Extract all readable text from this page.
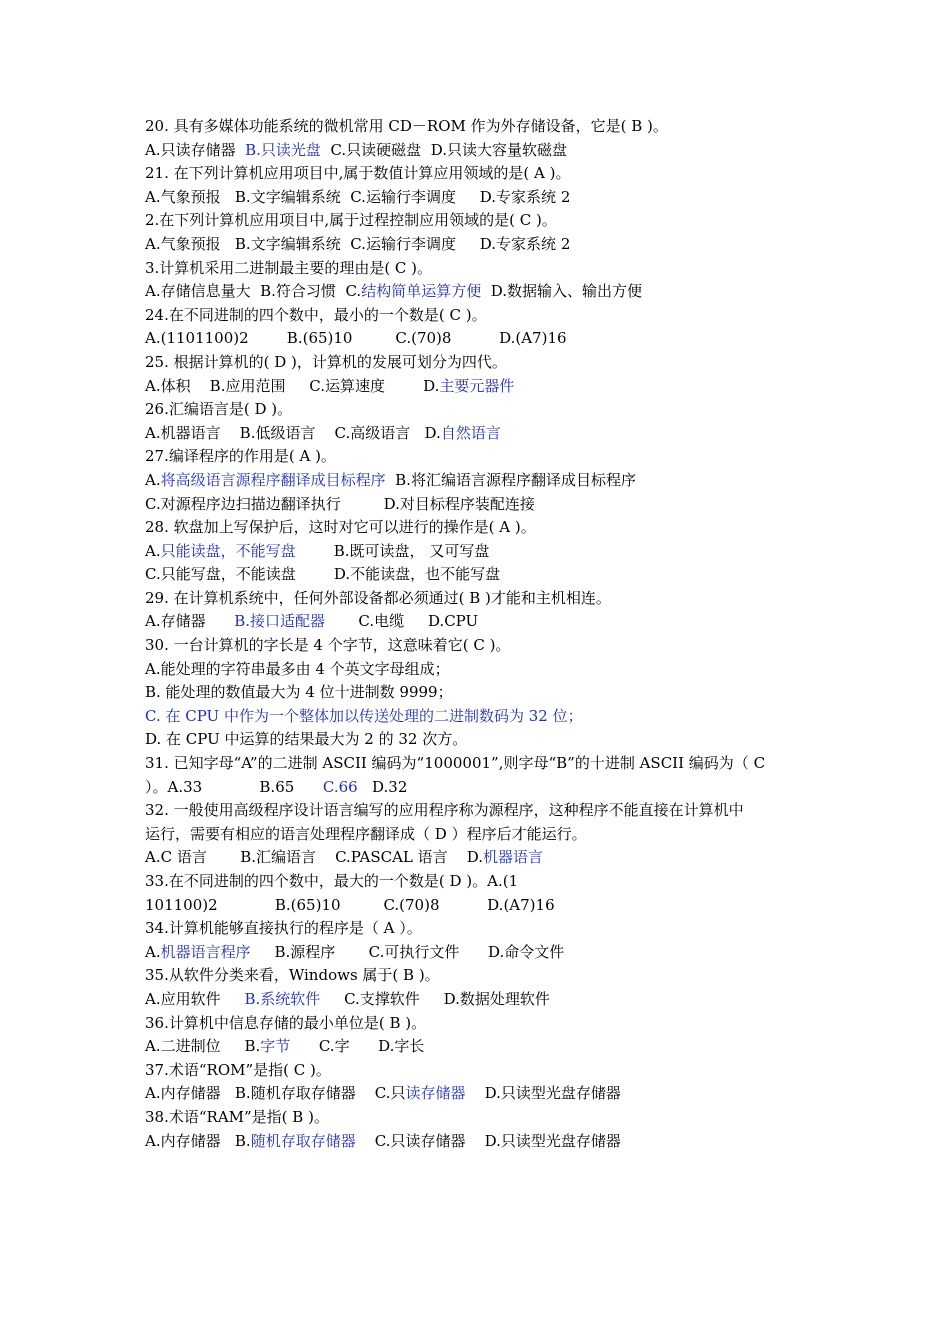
20. 具有多媒体功能系统的微机常用 CD－ROM 作为外存储设备，它是( B )。
A.只读存储器  B.只读光盘  C.只读硬磁盘  D.只读大容量软磁盘
21. 在下列计算机应用项目中,属于数值计算应用领域的是( A )。
A.气象预报   B.文字编辑系统  C.运输行李调度     D.专家系统 2
2.在下列计算机应用项目中,属于过程控制应用领域的是( C )。
A.气象预报   B.文字编辑系统  C.运输行李调度     D.专家系统 2
3.计算机采用二进制最主要的理由是( C )。
A.存储信息量大  B.符合习惯  C.结构简单运算方便  D.数据输入、输出方便
24.在不同进制的四个数中，最小的一个数是( C )。
A.(1101100)2        B.(65)10         C.(70)8          D.(A7)16
25. 根据计算机的( D )，计算机的发展可划分为四代。
A.体积    B.应用范围     C.运算速度        D.主要元器件
26.汇编语言是( D )。
A.机器语言    B.低级语言    C.高级语言   D.自然语言
27.编译程序的作用是( A )。
A.将高级语言源程序翻译成目标程序  B.将汇编语言源程序翻译成目标程序
C.对源程序边扫描边翻译执行         D.对目标程序装配连接
28. 软盘加上写保护后，这时对它可以进行的操作是( A )。
A.只能读盘，不能写盘        B.既可读盘， 又可写盘
C.只能写盘，不能读盘        D.不能读盘，也不能写盘
29. 在计算机系统中，任何外部设备都必须通过( B )才能和主机相连。
A.存储器      B.接口适配器       C.电缆     D.CPU
30. 一台计算机的字长是 4 个字节，这意味着它( C )。
A.能处理的字符串最多由 4 个英文字母组成；
B. 能处理的数值最大为 4 位十进制数 9999；
C. 在 CPU 中作为一个整体加以传送处理的二进制数码为 32 位；
D. 在 CPU 中运算的结果最大为 2 的 32 次方。
31. 已知字母“A”的二进制 ASCII 编码为“1000001”,则字母“B”的十进制 ASCII 编码为（ C
）。A.33            B.65      C.66   D.32
32. 一般使用高级程序设计语言编写的应用程序称为源程序，这种程序不能直接在计算机中
运行，需要有相应的语言处理程序翻译成（ D ）程序后才能运行。
A.C 语言       B.汇编语言    C.PASCAL 语言    D.机器语言
33.在不同进制的四个数中，最大的一个数是( D )。A.(1
101100)2            B.(65)10         C.(70)8          D.(A7)16
34.计算机能够直接执行的程序是（ A ）。
A.机器语言程序     B.源程序       C.可执行文件      D.命令文件
35.从软件分类来看，Windows 属于( B )。
A.应用软件     B.系统软件     C.支撑软件     D.数据处理软件
36.计算机中信息存储的最小单位是( B )。
A.二进制位     B.字节      C.字      D.字长
37.术语“ROM”是指( C )。
A.内存储器   B.随机存取存储器    C.只读存储器    D.只读型光盘存储器
38.术语“RAM”是指( B )。
A.内存储器   B.随机存取存储器    C.只读存储器    D.只读型光盘存储器
